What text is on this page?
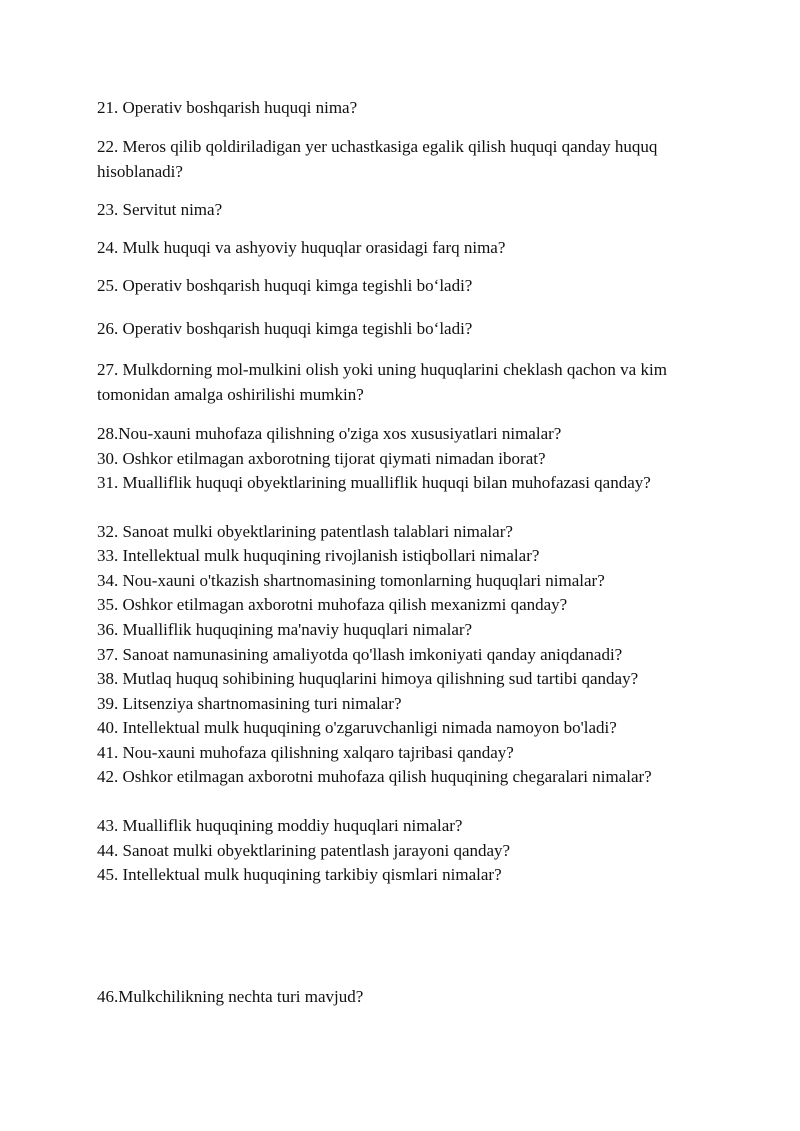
21. Operativ boshqarish huquqi nima?
22. Meros qilib qoldiriladigan yer uchastkasiga egalik qilish huquqi qanday huquq hisoblanadi?
23. Servitut nima?
24. Mulk huquqi va ashyoviy huquqlar orasidagi farq nima?
25. Operativ boshqarish huquqi kimga tegishli bo‘ladi?
26. Operativ boshqarish huquqi kimga tegishli bo‘ladi?
27. Mulkdorning mol-mulkini olish yoki uning huquqlarini cheklash qachon va kim tomonidan amalga oshirilishi mumkin?
28.Nou-xauni muhofaza qilishning o'ziga xos xususiyatlari nimalar?
30. Oshkor etilmagan axborotning tijorat qiymati nimadan iborat?
31. Mualliflik huquqi obyektlarining mualliflik huquqi bilan muhofazasi qanday?
32. Sanoat mulki obyektlarining patentlash talablari nimalar?
33. Intellektual mulk huquqining rivojlanish istiqbollari nimalar?
34. Nou-xauni o'tkazish shartnomasining tomonlarning huquqlari nimalar?
35. Oshkor etilmagan axborotni muhofaza qilish mexanizmi qanday?
36. Mualliflik huquqining ma'naviy huquqlari nimalar?
37. Sanoat namunasining amaliyotda qo'llash imkoniyati qanday aniqdanadi?
38. Mutlaq huquq sohibining huquqlarini himoya qilishning sud tartibi qanday?
39. Litsenziya shartnomasining turi nimalar?
40. Intellektual mulk huquqining o'zgaruvchanligi nimada namoyon bo'ladi?
41. Nou-xauni muhofaza qilishning xalqaro tajribasi qanday?
42. Oshkor etilmagan axborotni muhofaza qilish huquqining chegaralari nimalar?
43. Mualliflik huquqining moddiy huquqlari nimalar?
44. Sanoat mulki obyektlarining patentlash jarayoni qanday?
45. Intellektual mulk huquqining tarkibiy qismlari nimalar?
46.Mulkchilikning nechta turi mavjud?
